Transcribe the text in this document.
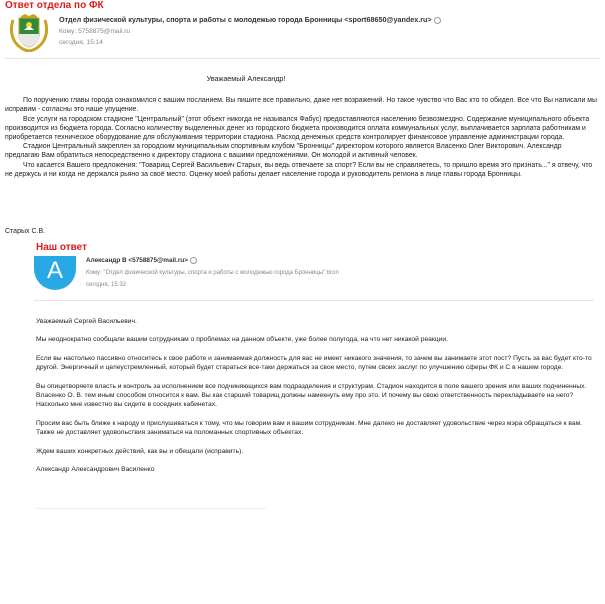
Ответ отдела по ФК
Отдел физической культуры, спорта и работы с молодежью города Бронницы <sport68650@yandex.ru>
Кому: 5758875@mail.ru
сегодня, 15:14
Уважаемый Александр!

По поручению главы города ознакомился с вашим посланием. Вы пишите все правильно, даже нет возражений. Но такое чувство что Вас кто то обидел. Все что Вы написали мы исправим - согласны это наше упущение.

Все услуги на городском стадионе "Центральный" (этот объект никогда не назывался Фабус) предоставляются населению безвозмездно. Содержание муниципального объекта производится из бюджета города. Согласно количеству выделенных денег из городского бюджета производится оплата коммунальных услуг, выплачивается зарплата работникам и приобретается техническое оборудование для обслуживания территории стадиона. Расход денежных средств контролирует финансовое управление администрации города.

Стадион Центральный закреплен за городским муниципальным спортивным клубом "Бронницы" директором которого является Власенко Олег Викторович. Александр предлагаю Вам обратиться непосредственно к директору стадиона с вашими предложениями. Он молодой и активный человек.

Что касается Вашего предложения: "Товарищ Сергей Васильевич Старых, вы ведь отвечаете за спорт? Если вы не справляетесь, то пришло время это признать..." я отвечу, что не держусь и ни когда не держался рьяно за своё место. Оценку моей работы делает население города и руководитель региона в лице главы города Бронницы.

Старых С.В.
Наш ответ
А	Александр В <5758875@mail.ru>
Кому: "Отдел физической культуры, спорта и работы с молодежью города Бронницы" bron
сегодня, 15:32

Уважаемый Сергей Васильевич.

Мы неоднократно сообщали вашим сотрудникам о проблемах на данном объекте, уже более полугода, на что нет никакой реакции.

Если вы настолько пассивно относитесь к свое работе и занимаемая должность для вас не имеет никакого значения, то зачем вы занимаете этот пост? Пусть за вас будет кто-то другой. Энергичный и целеустремленный, который будет стараться все-таки держаться за свое место, путем своих заслуг по улучшению сферы ФК и С в нашем городе.

Вы опицетворяете власть и контроль за исполнением все подчиняющихся вам подразделения и структурам. Стадион находится в поле вашего зрения или ваших подчиненных. Власенко О. В. тем иным способом относится к вам. Вы как старший товарищ должны намекнуть ему про это. И почему вы свою ответственность перекладываете на него? Насколько мне известно вы сидите в соседних кабинетах.

Просим вас быть ближе к народу и прислушиваться к тому, что мы говорим вам и вашим сотрудникам. Мне далеко не доставляет удовольствие через мэра обращаться к вам. Также не доставляет удовольствия заниматься на поломанных спортивных объектах.

Ждем ваших конкретных действий, как вы и обещали (исправить).

Александр Александрович Василенко
